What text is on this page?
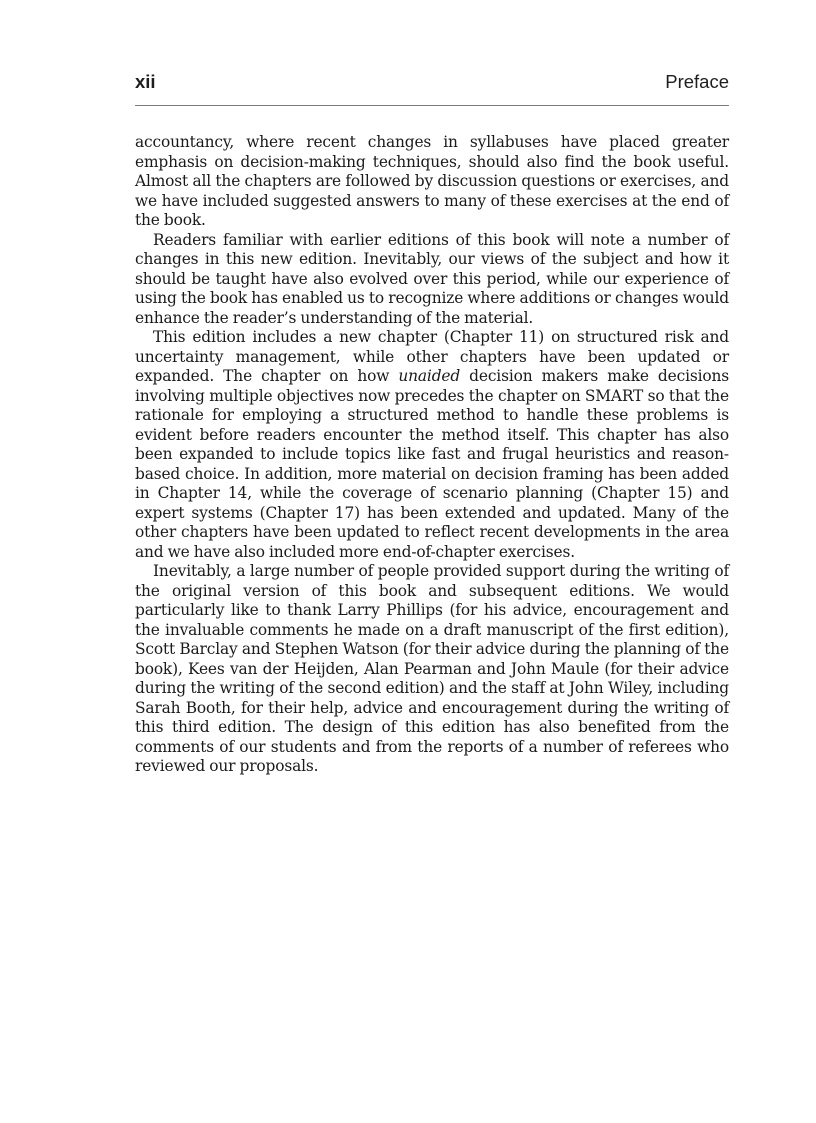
xii	Preface

accountancy, where recent changes in syllabuses have placed greater emphasis on decision-making techniques, should also find the book useful. Almost all the chapters are followed by discussion questions or exercises, and we have included suggested answers to many of these exercises at the end of the book.

Readers familiar with earlier editions of this book will note a number of changes in this new edition. Inevitably, our views of the subject and how it should be taught have also evolved over this period, while our experience of using the book has enabled us to recognize where additions or changes would enhance the reader’s understanding of the material.

This edition includes a new chapter (Chapter 11) on structured risk and uncertainty management, while other chapters have been updated or expanded. The chapter on how unaided decision makers make decisions involving multiple objectives now precedes the chapter on SMART so that the rationale for employing a structured method to handle these problems is evident before readers encounter the method itself. This chapter has also been expanded to include topics like fast and frugal heuristics and reason-based choice. In addition, more material on decision framing has been added in Chapter 14, while the coverage of scenario planning (Chapter 15) and expert systems (Chapter 17) has been extended and updated. Many of the other chapters have been updated to reflect recent developments in the area and we have also included more end-of-chapter exercises.

Inevitably, a large number of people provided support during the writing of the original version of this book and subsequent editions. We would particularly like to thank Larry Phillips (for his advice, encouragement and the invaluable comments he made on a draft manuscript of the first edition), Scott Barclay and Stephen Watson (for their advice during the planning of the book), Kees van der Heijden, Alan Pearman and John Maule (for their advice during the writing of the second edition) and the staff at John Wiley, including Sarah Booth, for their help, advice and encouragement during the writing of this third edition. The design of this edition has also benefited from the comments of our students and from the reports of a number of referees who reviewed our proposals.
